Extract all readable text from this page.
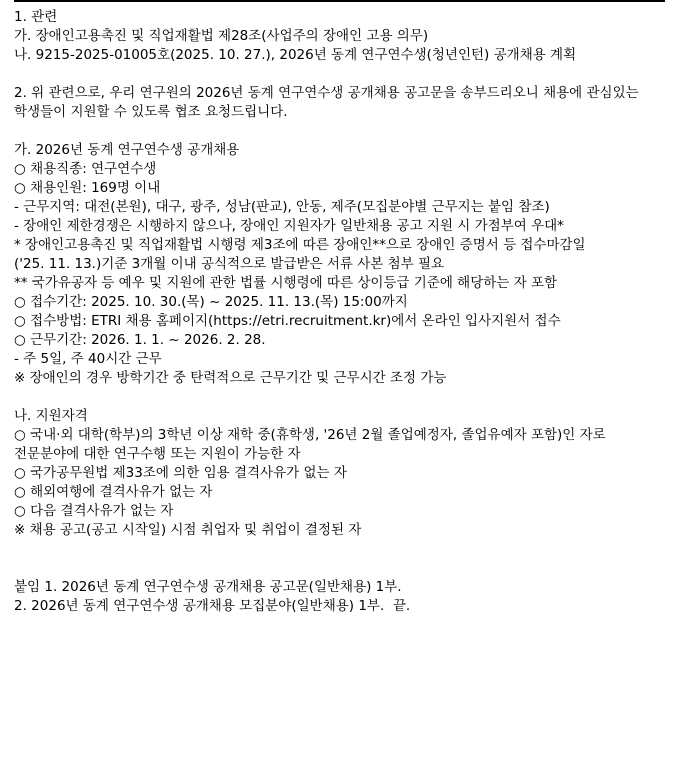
1. 관련

가. 장애인고용촉진 및 직업재활법 제28조(사업주의 장애인 고용 의무)

나. 9215-2025-01005호(2025. 10. 27.), 2026년 동계 연구연수생(청년인턴) 공개채용 계획

2. 위 관련으로, 우리 연구원의 2026년 동계 연구연수생 공개채용 공고문을 송부드리오니 채용에 관심있는

학생들이 지원할 수 있도록 협조 요청드립니다.

가. 2026년 동계 연구연수생 공개채용

○ 채용직종: 연구연수생

○ 채용인원: 169명 이내

- 근무지역: 대전(본원), 대구, 광주, 성남(판교), 안동, 제주(모집분야별 근무지는 붙임 참조)

- 장애인 제한경쟁은 시행하지 않으나, 장애인 지원자가 일반채용 공고 지원 시 가점부여 우대*

* 장애인고용촉진 및 직업재활법 시행령 제3조에 따른 장애인**으로 장애인 증명서 등 접수마감일

('25. 11. 13.)기준 3개월 이내 공식적으로 발급받은 서류 사본 첨부 필요

** 국가유공자 등 예우 및 지원에 관한 법률 시행령에 따른 상이등급 기준에 해당하는 자 포함

○ 접수기간: 2025. 10. 30.(목) ~ 2025. 11. 13.(목) 15:00까지

○ 접수방법: ETRI 채용 홈페이지(https://etri.recruitment.kr)에서 온라인 입사지원서 접수

○ 근무기간: 2026. 1. 1. ~ 2026. 2. 28.

- 주 5일, 주 40시간 근무

※ 장애인의 경우 방학기간 중 탄력적으로 근무기간 및 근무시간 조정 가능

나. 지원자격

○ 국내·외 대학(학부)의 3학년 이상 재학 중(휴학생, '26년 2월 졸업예정자, 졸업유예자 포함)인 자로

전문분야에 대한 연구수행 또는 지원이 가능한 자

○ 국가공무원법 제33조에 의한 임용 결격사유가 없는 자

○ 해외여행에 결격사유가 없는 자

○ 다음 결격사유가 없는 자

※ 채용 공고(공고 시작일) 시점 취업자 및 취업이 결정된 자

붙임 1. 2026년 동계 연구연수생 공개채용 공고문(일반채용) 1부.

2. 2026년 동계 연구연수생 공개채용 모집분야(일반채용) 1부.  끝.
